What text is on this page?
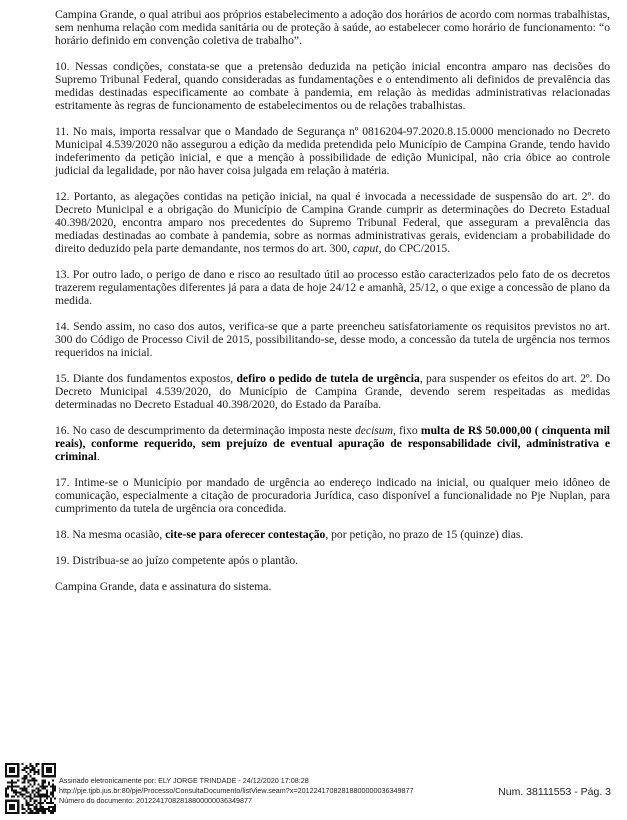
Campina Grande, o qual atribui aos próprios estabelecimento a adoção dos horários de acordo com normas trabalhistas, sem nenhuma relação com medida sanitária ou de proteção à saúde, ao estabelecer como horário de funcionamento: “o horário definido em convenção coletiva de trabalho”.

10. Nessas condições, constata-se que a pretensão deduzida na petição inicial encontra amparo nas decisões do Supremo Tribunal Federal, quando consideradas as fundamentações e o entendimento ali definidos de prevalência das medidas destinadas especificamente ao combate à pandemia, em relação às medidas administrativas relacionadas estritamente às regras de funcionamento de estabelecimentos ou de relações trabalhistas.

11. No mais, importa ressalvar que o Mandado de Segurança nº 0816204-97.2020.8.15.0000 mencionado no Decreto Municipal 4.539/2020 não assegurou a edição da medida pretendida pelo Município de Campina Grande, tendo havido indeferimento da petição inicial, e que a menção à possibilidade de edição Municipal, não cria óbice ao controle judicial da legalidade, por não haver coisa julgada em relação à matéria.

12. Portanto, as alegações contidas na petição inicial, na qual é invocada a necessidade de suspensão do art. 2º. do Decreto Municipal e a obrigação do Município de Campina Grande cumprir as determinações do Decreto Estadual 40.398/2020, encontra amparo nos precedentes do Supremo Tribunal Federal, que asseguram a prevalência das mediadas destinadas ao combate à pandemia, sobre as normas administrativas gerais, evidenciam a probabilidade do direito deduzido pela parte demandante, nos termos do art. 300, caput, do CPC/2015.

13. Por outro lado, o perigo de dano e risco ao resultado útil ao processo estão caracterizados pelo fato de os decretos trazerem regulamentações diferentes já para a data de hoje 24/12 e amanhã, 25/12, o que exige a concessão de plano da medida.

14. Sendo assim, no caso dos autos, verifica-se que a parte preencheu satisfatoriamente os requisitos previstos no art. 300 do Código de Processo Civil de 2015, possibilitando-se, desse modo, a concessão da tutela de urgência nos termos requeridos na inicial.

15. Diante dos fundamentos expostos, defiro o pedido de tutela de urgência, para suspender os efeitos do art. 2º. Do Decreto Municipal 4.539/2020, do Município de Campina Grande, devendo serem respeitadas as medidas determinadas no Decreto Estadual 40.398/2020, do Estado da Paraíba.

16. No caso de descumprimento da determinação imposta neste decisum, fixo multa de R$ 50.000,00 ( cinquenta mil reais), conforme requerido, sem prejuízo de eventual apuração de responsabilidade civil, administrativa e criminal.

17. Intime-se o Município por mandado de urgência ao endereço indicado na inicial, ou qualquer meio idôneo de comunicação, especialmente a citação de procuradoria Jurídica, caso disponível a funcionalidade no Pje Nuplan, para cumprimento da tutela de urgência ora concedida.

18. Na mesma ocasião, cite-se para oferecer contestação, por petição, no prazo de 15 (quinze) dias.

19. Distribua-se ao juízo competente após o plantão.

Campina Grande, data e assinatura do sistema.

Assinado eletronicamente por: ELY JORGE TRINDADE - 24/12/2020 17:08:28
http://pje.tjpb.jus.br:80/pje/Processo/ConsultaDocumento/listView.seam?x=20122417082818800000036349877
Número do documento: 20122417082818800000036349877
Num. 38111553 - Pág. 3
